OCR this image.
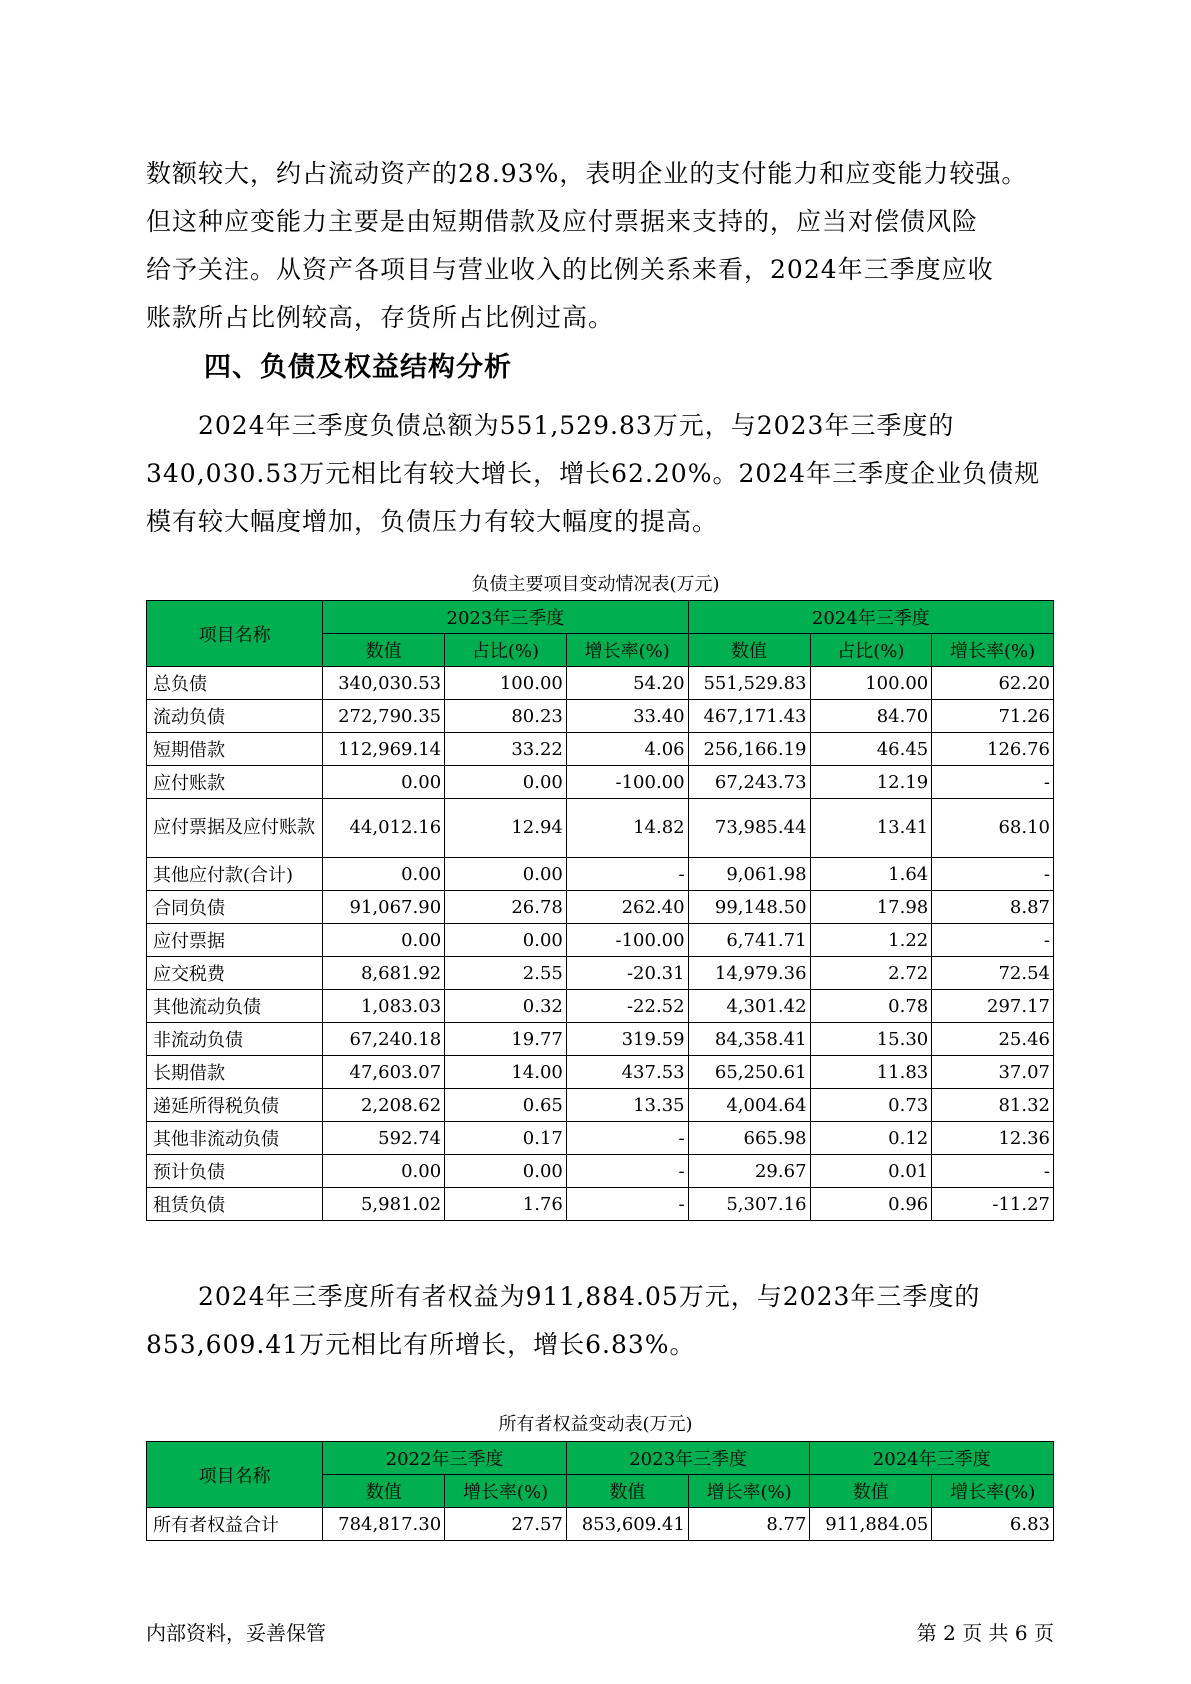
数额较大，约占流动资产的28.93%，表明企业的支付能力和应变能力较强。

但这种应变能力主要是由短期借款及应付票据来支持的，应当对偿债风险

给予关注。从资产各项目与营业收入的比例关系来看，2024年三季度应收

账款所占比例较高，存货所占比例过高。

四、负债及权益结构分析

2024年三季度负债总额为551,529.83万元，与2023年三季度的

340,030.53万元相比有较大增长，增长62.20%。2024年三季度企业负债规

模有较大幅度增加，负债压力有较大幅度的提高。

负债主要项目变动情况表(万元)
项目名称	2023年三季度			2024年三季度		
	数值	占比(%)	增长率(%)	数值	占比(%)	增长率(%)
总负债	340,030.53	100.00	54.20	551,529.83	100.00	62.20
流动负债	272,790.35	80.23	33.40	467,171.43	84.70	71.26
短期借款	112,969.14	33.22	4.06	256,166.19	46.45	126.76
应付账款	0.00	0.00	-100.00	67,243.73	12.19	-
应付票据及应付账款	44,012.16	12.94	14.82	73,985.44	13.41	68.10
其他应付款(合计)	0.00	0.00	-	9,061.98	1.64	-
合同负债	91,067.90	26.78	262.40	99,148.50	17.98	8.87
应付票据	0.00	0.00	-100.00	6,741.71	1.22	-
应交税费	8,681.92	2.55	-20.31	14,979.36	2.72	72.54
其他流动负债	1,083.03	0.32	-22.52	4,301.42	0.78	297.17
非流动负债	67,240.18	19.77	319.59	84,358.41	15.30	25.46
长期借款	47,603.07	14.00	437.53	65,250.61	11.83	37.07
递延所得税负债	2,208.62	0.65	13.35	4,004.64	0.73	81.32
其他非流动负债	592.74	0.17	-	665.98	0.12	12.36
预计负债	0.00	0.00	-	29.67	0.01	-
租赁负债	5,981.02	1.76	-	5,307.16	0.96	-11.27

2024年三季度所有者权益为911,884.05万元，与2023年三季度的

853,609.41万元相比有所增长，增长6.83%。

所有者权益变动表(万元)
项目名称	2022年三季度		2023年三季度		2024年三季度	
	数值	增长率(%)	数值	增长率(%)	数值	增长率(%)
所有者权益合计	784,817.30	27.57	853,609.41	8.77	911,884.05	6.83
内部资料，妥善保管	第 2 页 共 6 页
